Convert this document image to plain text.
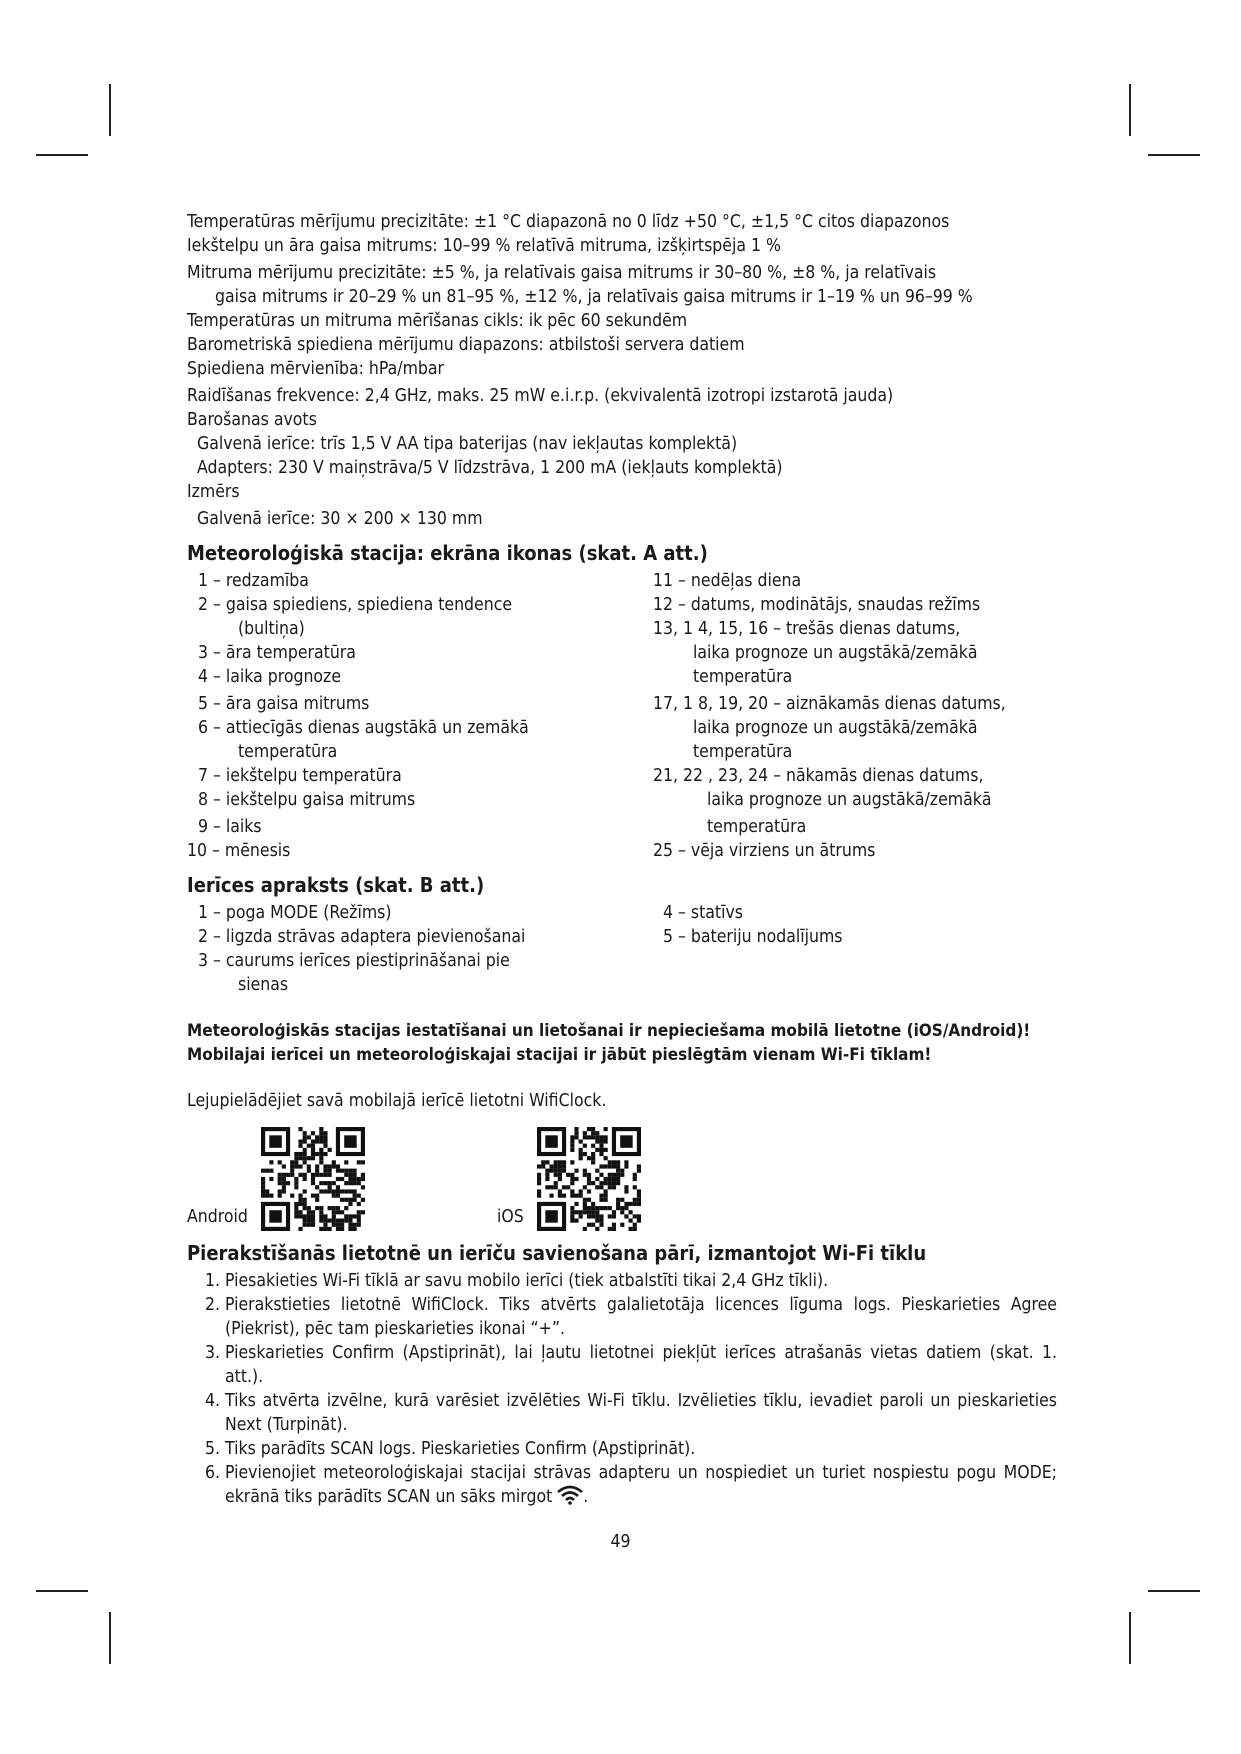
Temperatūras mērījumu precizitāte: ±1 °C diapazonā no 0 līdz +50 °C, ±1,5 °C citos diapazonos
Iekštelpu un āra gaisa mitrums: 10–99 % relatīvā mitruma, izšķirtspēja 1 %
Mitruma mērījumu precizitāte: ±5 %, ja relatīvais gaisa mitrums ir 30–80 %, ±8 %, ja relatīvais
gaisa mitrums ir 20–29 % un 81–95 %, ±12 %, ja relatīvais gaisa mitrums ir 1–19 % un 96–99 %
Temperatūras un mitruma mērīšanas cikls: ik pēc 60 sekundēm
Barometriskā spiediena mērījumu diapazons: atbilstoši servera datiem
Spiediena mērvienība: hPa/mbar
Raidīšanas frekvence: 2,4 GHz, maks. 25 mW e.i.r.p. (ekvivalentā izotropi izstarotā jauda)
Barošanas avots
Galvenā ierīce: trīs 1,5 V AA tipa baterijas (nav iekļautas komplektā)
Adapters: 230 V maiņstrāva/5 V līdzstrāva, 1 200 mA (iekļauts komplektā)
Izmērs
Galvenā ierīce: 30 × 200 × 130 mm
Meteoroloģiskā stacija: ekrāna ikonas (skat. A att.)
1 – redzamība
2 – gaisa spiediens, spiediena tendence
(bultiņa)
3 – āra temperatūra
4 – laika prognoze
5 – āra gaisa mitrums
6 – attiecīgās dienas augstākā un zemākā
temperatūra
7 – iekštelpu temperatūra
8 – iekštelpu gaisa mitrums
9 – laiks
10 – mēnesis
11 – nedēļas diena
12 – datums, modinātājs, snaudas režīms
13, 1 4, 15, 16 – trešās dienas datums,
laika prognoze un augstākā/zemākā
temperatūra
17, 1 8, 19, 20 – aiznākamās dienas datums,
laika prognoze un augstākā/zemākā
temperatūra
21, 22 , 23, 24 – nākamās dienas datums,
laika prognoze un augstākā/zemākā
temperatūra
25 – vēja virziens un ātrums
Ierīces apraksts (skat. B att.)
1 – poga MODE (Režīms)
2 – ligzda strāvas adaptera pievienošanai
3 – caurums ierīces piestiprināšanai pie
sienas
4 – statīvs
5 – bateriju nodalījums
Meteoroloģiskās stacijas iestatīšanai un lietošanai ir nepieciešama mobilā lietotne (iOS/Android)!
Mobilajai ierīcei un meteoroloģiskajai stacijai ir jābūt pieslēgtām vienam Wi-Fi tīklam!
Lejupielādējiet savā mobilajā ierīcē lietotni WifiClock.
Android	iOS
Pierakstīšanās lietotnē un ierīču savienošana pārī, izmantojot Wi-Fi tīklu
1. Piesakieties Wi-Fi tīklā ar savu mobilo ierīci (tiek atbalstīti tikai 2,4 GHz tīkli).
2. Pierakstieties lietotnē WifiClock. Tiks atvērts galalietotāja licences līguma logs. Pieskarieties Agree (Piekrist), pēc tam pieskarieties ikonai “+”.
3. Pieskarieties Confirm (Apstiprināt), lai ļautu lietotnei piekļūt ierīces atrašanās vietas datiem (skat. 1. att.).
4. Tiks atvērta izvēlne, kurā varēsiet izvēlēties Wi-Fi tīklu. Izvēlieties tīklu, ievadiet paroli un pieskarieties Next (Turpināt).
5. Tiks parādīts SCAN logs. Pieskarieties Confirm (Apstiprināt).
6. Pievienojiet meteoroloģiskajai stacijai strāvas adapteru un nospiediet un turiet nospiestu pogu MODE; ekrānā tiks parādīts SCAN un sāks mirgot .
49
